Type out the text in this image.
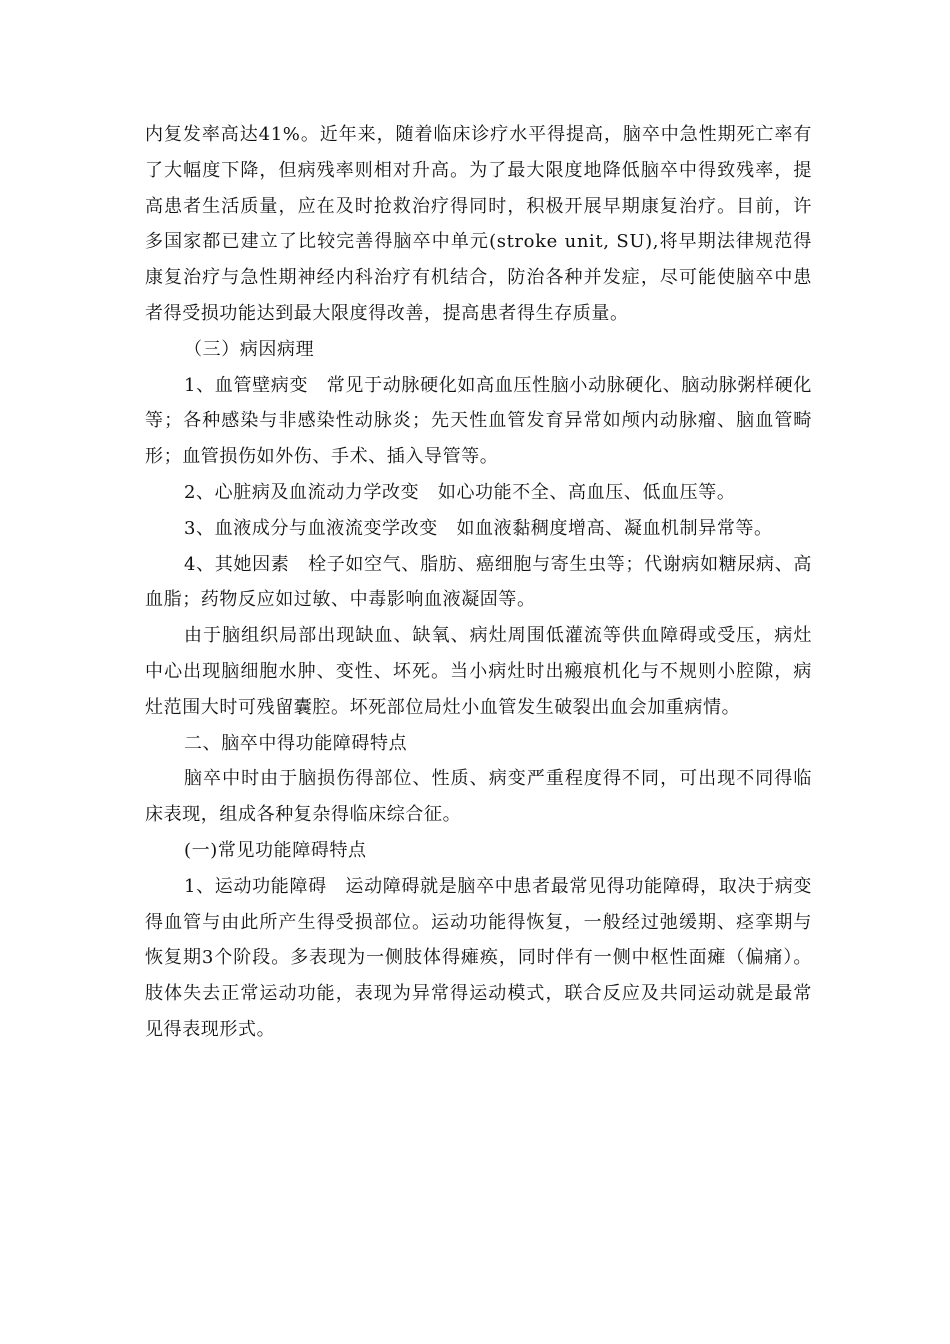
内复发率高达41%。近年来，随着临床诊疗水平得提高，脑卒中急性期死亡率有了大幅度下降，但病残率则相对升高。为了最大限度地降低脑卒中得致残率，提高患者生活质量，应在及时抢救治疗得同时，积极开展早期康复治疗。目前，许多国家都已建立了比较完善得脑卒中单元(stroke unit, SU),将早期法律规范得康复治疗与急性期神经内科治疗有机结合，防治各种并发症，尽可能使脑卒中患者得受损功能达到最大限度得改善，提高患者得生存质量。

（三）病因病理

1、血管壁病变　常见于动脉硬化如高血压性脑小动脉硬化、脑动脉粥样硬化等；各种感染与非感染性动脉炎；先天性血管发育异常如颅内动脉瘤、脑血管畸形；血管损伤如外伤、手术、插入导管等。

2、心脏病及血流动力学改变　如心功能不全、高血压、低血压等。

3、血液成分与血液流变学改变　如血液黏稠度增高、凝血机制异常等。

4、其她因素　栓子如空气、脂肪、癌细胞与寄生虫等；代谢病如糖尿病、高血脂；药物反应如过敏、中毒影响血液凝固等。

由于脑组织局部出现缺血、缺氧、病灶周围低灌流等供血障碍或受压，病灶中心出现脑细胞水肿、变性、坏死。当小病灶时出瘢痕机化与不规则小腔隙，病灶范围大时可残留囊腔。坏死部位局灶小血管发生破裂出血会加重病情。

二、脑卒中得功能障碍特点

脑卒中时由于脑损伤得部位、性质、病变严重程度得不同，可出现不同得临床表现，组成各种复杂得临床综合征。

(一)常见功能障碍特点

1、运动功能障碍　运动障碍就是脑卒中患者最常见得功能障碍，取决于病变得血管与由此所产生得受损部位。运动功能得恢复，一般经过弛缓期、痉挛期与恢复期3个阶段。多表现为一侧肢体得瘫痪，同时伴有一侧中枢性面瘫（偏痛）。肢体失去正常运动功能，表现为异常得运动模式，联合反应及共同运动就是最常见得表现形式。
